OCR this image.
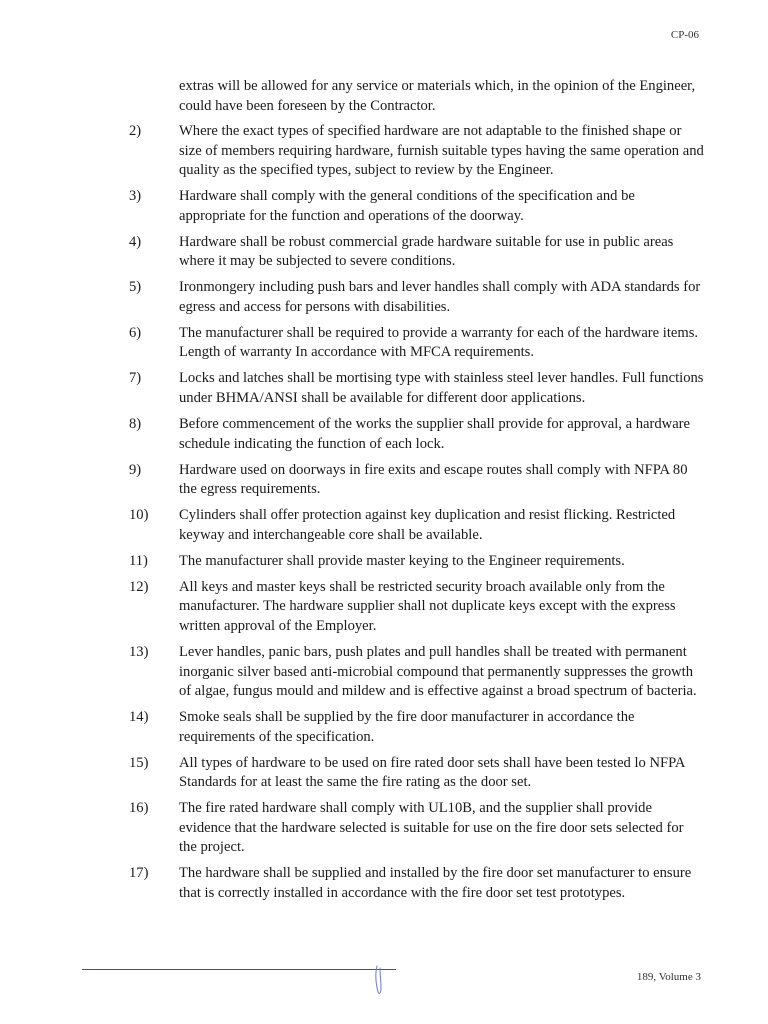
CP-06
extras will be allowed for any service or materials which, in the opinion of the Engineer, could have been foreseen by the Contractor.
2)	Where the exact types of specified hardware are not adaptable to the finished shape or size of members requiring hardware, furnish suitable types having the same operation and quality as the specified types, subject to review by the Engineer.
3)	Hardware shall comply with the general conditions of the specification and be appropriate for the function and operations of the doorway.
4)	Hardware shall be robust commercial grade hardware suitable for use in public areas where it may be subjected to severe conditions.
5)	Ironmongery including push bars and lever handles shall comply with ADA standards for egress and access for persons with disabilities.
6)	The manufacturer shall be required to provide a warranty for each of the hardware items. Length of warranty In accordance with MFCA requirements.
7)	Locks and latches shall be mortising type with stainless steel lever handles. Full functions under BHMA/ANSI shall be available for different door applications.
8)	Before commencement of the works the supplier shall provide for approval, a hardware schedule indicating the function of each lock.
9)	Hardware used on doorways in fire exits and escape routes shall comply with NFPA 80 the egress requirements.
10)	Cylinders shall offer protection against key duplication and resist flicking. Restricted keyway and interchangeable core shall be available.
11)	The manufacturer shall provide master keying to the Engineer requirements.
12)	All keys and master keys shall be restricted security broach available only from the manufacturer. The hardware supplier shall not duplicate keys except with the express written approval of the Employer.
13)	Lever handles, panic bars, push plates and pull handles shall be treated with permanent inorganic silver based anti-microbial compound that permanently suppresses the growth of algae, fungus mould and mildew and is effective against a broad spectrum of bacteria.
14)	Smoke seals shall be supplied by the fire door manufacturer in accordance the requirements of the specification.
15)	All types of hardware to be used on fire rated door sets shall have been tested lo NFPA Standards for at least the same the fire rating as the door set.
16)	The fire rated hardware shall comply with UL10B, and the supplier shall provide evidence that the hardware selected is suitable for use on the fire door sets selected for the project.
17)	The hardware shall be supplied and installed by the fire door set manufacturer to ensure that is correctly installed in accordance with the fire door set test prototypes.
189, Volume 3
